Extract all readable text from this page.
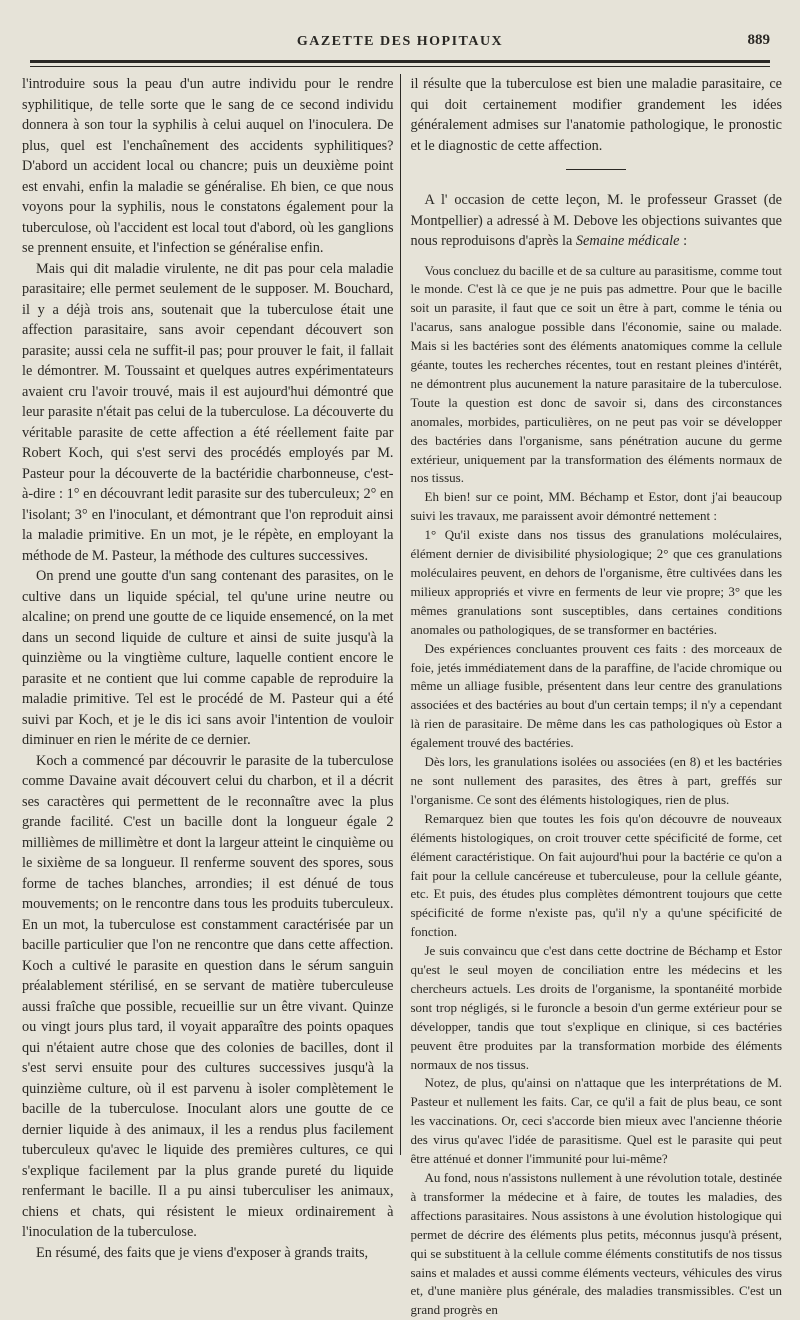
GAZETTE DES HOPITAUX	889

l'introduire sous la peau d'un autre individu pour le rendre syphilitique, de telle sorte que le sang de ce second individu donnera à son tour la syphilis à celui auquel on l'inoculera. De plus, quel est l'enchaînement des accidents syphilitiques? D'abord un accident local ou chancre; puis un deuxième point est envahi, enfin la maladie se généralise. Eh bien, ce que nous voyons pour la syphilis, nous le constatons également pour la tuberculose, où l'accident est local tout d'abord, où les ganglions se prennent ensuite, et l'infection se généralise enfin.

Mais qui dit maladie virulente, ne dit pas pour cela maladie parasitaire; elle permet seulement de le supposer. M. Bouchard, il y a déjà trois ans, soutenait que la tuberculose était une affection parasitaire, sans avoir cependant découvert son parasite; aussi cela ne suffit-il pas; pour prouver le fait, il fallait le démontrer. M. Toussaint et quelques autres expérimentateurs avaient cru l'avoir trouvé, mais il est aujourd'hui démontré que leur parasite n'était pas celui de la tuberculose. La découverte du véritable parasite de cette affection a été réellement faite par Robert Koch, qui s'est servi des procédés employés par M. Pasteur pour la découverte de la bactéridie charbonneuse, c'est-à-dire : 1° en découvrant ledit parasite sur des tuberculeux; 2° en l'isolant; 3° en l'inoculant, et démontrant que l'on reproduit ainsi la maladie primitive. En un mot, je le répète, en employant la méthode de M. Pasteur, la méthode des cultures successives.

On prend une goutte d'un sang contenant des parasites, on le cultive dans un liquide spécial, tel qu'une urine neutre ou alcaline; on prend une goutte de ce liquide ensemencé, on la met dans un second liquide de culture et ainsi de suite jusqu'à la quinzième ou la vingtième culture, laquelle contient encore le parasite et ne contient que lui comme capable de reproduire la maladie primitive. Tel est le procédé de M. Pasteur qui a été suivi par Koch, et je le dis ici sans avoir l'intention de vouloir diminuer en rien le mérite de ce dernier.

Koch a commencé par découvrir le parasite de la tuberculose comme Davaine avait découvert celui du charbon, et il a décrit ses caractères qui permettent de le reconnaître avec la plus grande facilité. C'est un bacille dont la longueur égale 2 millièmes de millimètre et dont la largeur atteint le cinquième ou le sixième de sa longueur. Il renferme souvent des spores, sous forme de taches blanches, arrondies; il est dénué de tous mouvements; on le rencontre dans tous les produits tuberculeux. En un mot, la tuberculose est constamment caractérisée par un bacille particulier que l'on ne rencontre que dans cette affection. Koch a cultivé le parasite en question dans le sérum sanguin préalablement stérilisé, en se servant de matière tuberculeuse aussi fraîche que possible, recueillie sur un être vivant. Quinze ou vingt jours plus tard, il voyait apparaître des points opaques qui n'étaient autre chose que des colonies de bacilles, dont il s'est servi ensuite pour des cultures successives jusqu'à la quinzième culture, où il est parvenu à isoler complètement le bacille de la tuberculose. Inoculant alors une goutte de ce dernier liquide à des animaux, il les a rendus plus facilement tuberculeux qu'avec le liquide des premières cultures, ce qui s'explique facilement par la plus grande pureté du liquide renfermant le bacille. Il a pu ainsi tuberculiser les animaux, chiens et chats, qui résistent le mieux ordinairement à l'inoculation de la tuberculose.

En résumé, des faits que je viens d'exposer à grands traits,

il résulte que la tuberculose est bien une maladie parasitaire, ce qui doit certainement modifier grandement les idées généralement admises sur l'anatomie pathologique, le pronostic et le diagnostic de cette affection.

A l' occasion de cette leçon, M. le professeur Grasset (de Montpellier) a adressé à M. Debove les objections suivantes que nous reproduisons d'après la Semaine médicale :

Vous concluez du bacille et de sa culture au parasitisme, comme tout le monde. C'est là ce que je ne puis pas admettre. Pour que le bacille soit un parasite, il faut que ce soit un être à part, comme le ténia ou l'acarus, sans analogue possible dans l'économie, saine ou malade. Mais si les bactéries sont des éléments anatomiques comme la cellule géante, toutes les recherches récentes, tout en restant pleines d'intérêt, ne démontrent plus aucunement la nature parasitaire de la tuberculose. Toute la question est donc de savoir si, dans des circonstances anomales, morbides, particulières, on ne peut pas voir se développer des bactéries dans l'organisme, sans pénétration aucune du germe extérieur, uniquement par la transformation des éléments normaux de nos tissus.

Eh bien! sur ce point, MM. Béchamp et Estor, dont j'ai beaucoup suivi les travaux, me paraissent avoir démontré nettement :

1° Qu'il existe dans nos tissus des granulations moléculaires, élément dernier de divisibilité physiologique; 2° que ces granulations moléculaires peuvent, en dehors de l'organisme, être cultivées dans les milieux appropriés et vivre en ferments de leur vie propre; 3° que les mêmes granulations sont susceptibles, dans certaines conditions anomales ou pathologiques, de se transformer en bactéries.

Des expériences concluantes prouvent ces faits : des morceaux de foie, jetés immédiatement dans de la paraffine, de l'acide chromique ou même un alliage fusible, présentent dans leur centre des granulations associées et des bactéries au bout d'un certain temps; il n'y a cependant là rien de parasitaire. De même dans les cas pathologiques où Estor a également trouvé des bactéries.

Dès lors, les granulations isolées ou associées (en 8) et les bactéries ne sont nullement des parasites, des êtres à part, greffés sur l'organisme. Ce sont des éléments histologiques, rien de plus.

Remarquez bien que toutes les fois qu'on découvre de nouveaux éléments histologiques, on croit trouver cette spécificité de forme, cet élément caractéristique. On fait aujourd'hui pour la bactérie ce qu'on a fait pour la cellule cancéreuse et tuberculeuse, pour la cellule géante, etc. Et puis, des études plus complètes démontrent toujours que cette spécificité de forme n'existe pas, qu'il n'y a qu'une spécificité de fonction.

Je suis convaincu que c'est dans cette doctrine de Béchamp et Estor qu'est le seul moyen de conciliation entre les médecins et les chercheurs actuels. Les droits de l'organisme, la spontanéité morbide sont trop négligés, si le furoncle a besoin d'un germe extérieur pour se développer, tandis que tout s'explique en clinique, si ces bactéries peuvent être produites par la transformation morbide des éléments normaux de nos tissus.

Notez, de plus, qu'ainsi on n'attaque que les interprétations de M. Pasteur et nullement les faits. Car, ce qu'il a fait de plus beau, ce sont les vaccinations. Or, ceci s'accorde bien mieux avec l'ancienne théorie des virus qu'avec l'idée de parasitisme. Quel est le parasite qui peut être atténué et donner l'immunité pour lui-même?

Au fond, nous n'assistons nullement à une révolution totale, destinée à transformer la médecine et à faire, de toutes les maladies, des affections parasitaires. Nous assistons à une évolution histologique qui permet de décrire des éléments plus petits, méconnus jusqu'à présent, qui se substituent à la cellule comme éléments constitutifs de nos tissus sains et malades et aussi comme éléments vecteurs, véhicules des virus et, d'une manière plus générale, des maladies transmissibles. C'est un grand progrès en
